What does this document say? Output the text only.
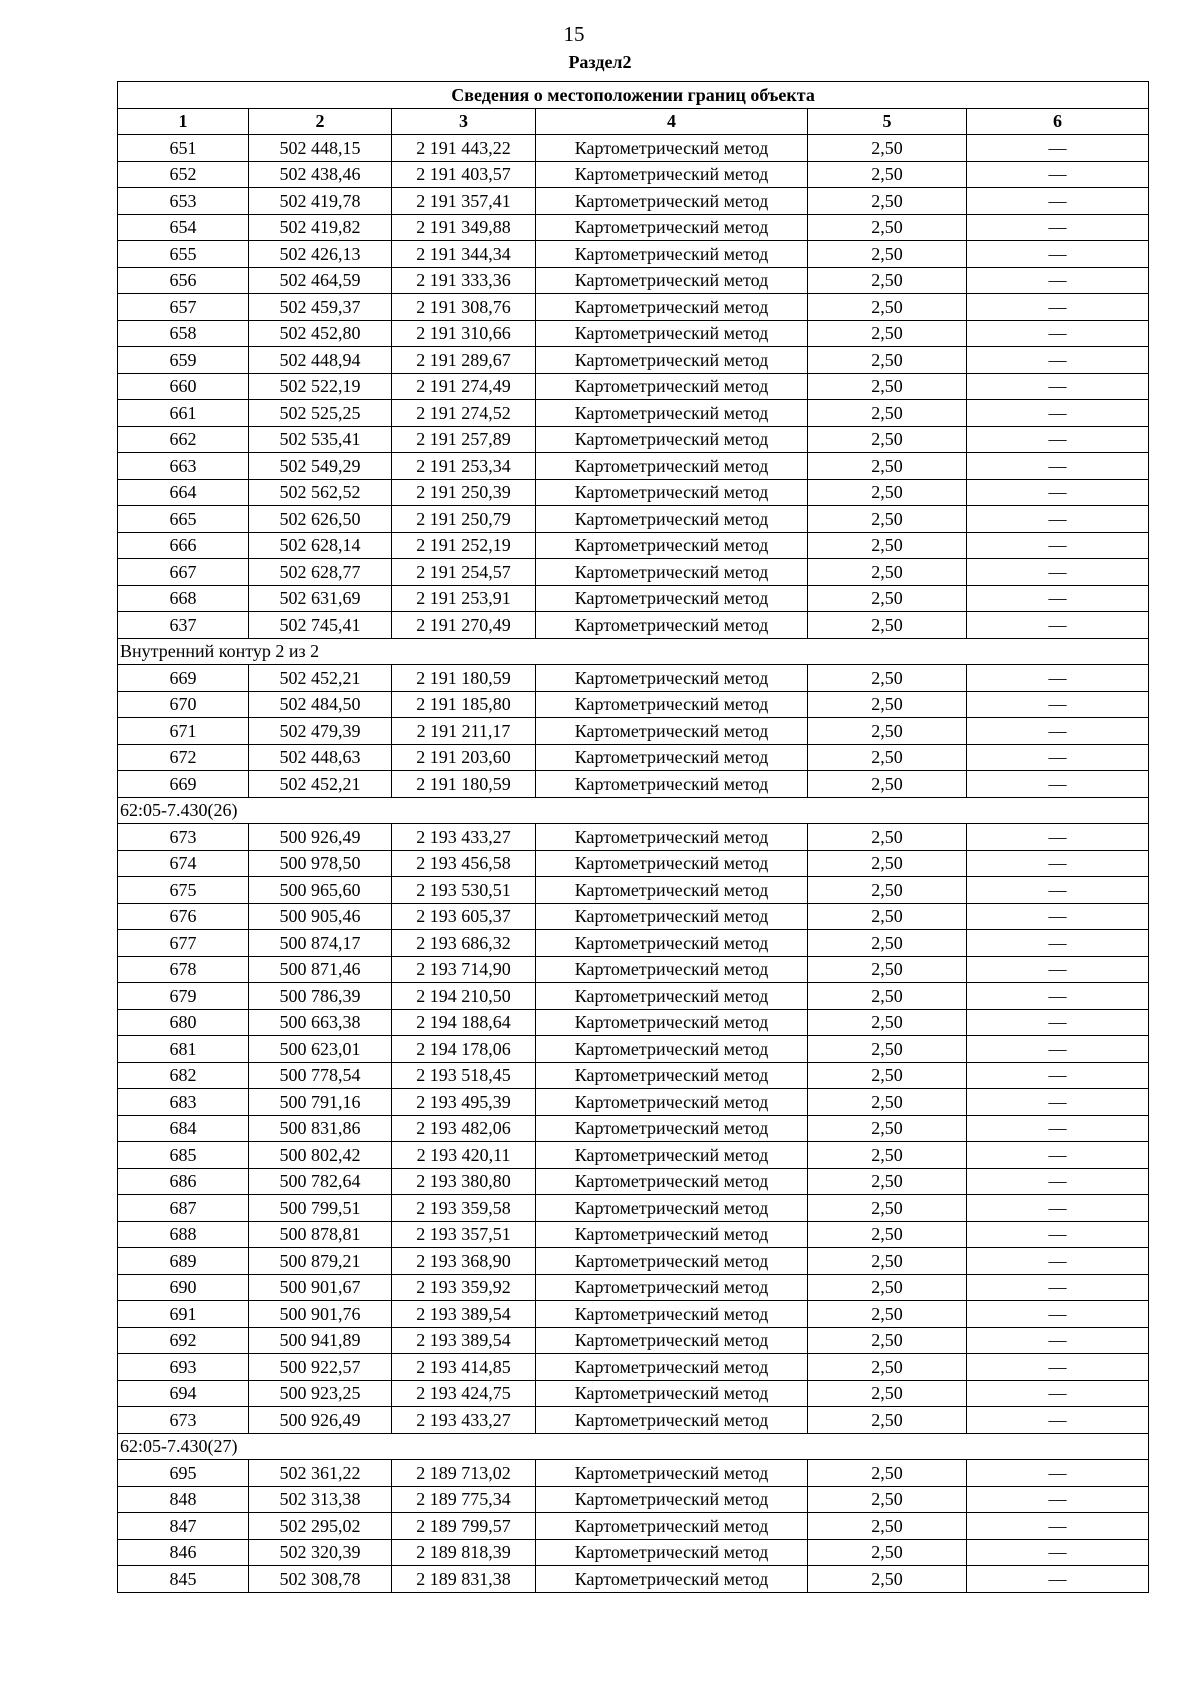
15
Раздел2
Сведения о местоположении границ объекта					
1	2	3	4	5	6
651	502 448,15	2 191 443,22	Картометрический метод	2,50	—
652	502 438,46	2 191 403,57	Картометрический метод	2,50	—
653	502 419,78	2 191 357,41	Картометрический метод	2,50	—
654	502 419,82	2 191 349,88	Картометрический метод	2,50	—
655	502 426,13	2 191 344,34	Картометрический метод	2,50	—
656	502 464,59	2 191 333,36	Картометрический метод	2,50	—
657	502 459,37	2 191 308,76	Картометрический метод	2,50	—
658	502 452,80	2 191 310,66	Картометрический метод	2,50	—
659	502 448,94	2 191 289,67	Картометрический метод	2,50	—
660	502 522,19	2 191 274,49	Картометрический метод	2,50	—
661	502 525,25	2 191 274,52	Картометрический метод	2,50	—
662	502 535,41	2 191 257,89	Картометрический метод	2,50	—
663	502 549,29	2 191 253,34	Картометрический метод	2,50	—
664	502 562,52	2 191 250,39	Картометрический метод	2,50	—
665	502 626,50	2 191 250,79	Картометрический метод	2,50	—
666	502 628,14	2 191 252,19	Картометрический метод	2,50	—
667	502 628,77	2 191 254,57	Картометрический метод	2,50	—
668	502 631,69	2 191 253,91	Картометрический метод	2,50	—
637	502 745,41	2 191 270,49	Картометрический метод	2,50	—
Внутренний контур 2 из 2					
669	502 452,21	2 191 180,59	Картометрический метод	2,50	—
670	502 484,50	2 191 185,80	Картометрический метод	2,50	—
671	502 479,39	2 191 211,17	Картометрический метод	2,50	—
672	502 448,63	2 191 203,60	Картометрический метод	2,50	—
669	502 452,21	2 191 180,59	Картометрический метод	2,50	—
62:05-7.430(26)					
673	500 926,49	2 193 433,27	Картометрический метод	2,50	—
674	500 978,50	2 193 456,58	Картометрический метод	2,50	—
675	500 965,60	2 193 530,51	Картометрический метод	2,50	—
676	500 905,46	2 193 605,37	Картометрический метод	2,50	—
677	500 874,17	2 193 686,32	Картометрический метод	2,50	—
678	500 871,46	2 193 714,90	Картометрический метод	2,50	—
679	500 786,39	2 194 210,50	Картометрический метод	2,50	—
680	500 663,38	2 194 188,64	Картометрический метод	2,50	—
681	500 623,01	2 194 178,06	Картометрический метод	2,50	—
682	500 778,54	2 193 518,45	Картометрический метод	2,50	—
683	500 791,16	2 193 495,39	Картометрический метод	2,50	—
684	500 831,86	2 193 482,06	Картометрический метод	2,50	—
685	500 802,42	2 193 420,11	Картометрический метод	2,50	—
686	500 782,64	2 193 380,80	Картометрический метод	2,50	—
687	500 799,51	2 193 359,58	Картометрический метод	2,50	—
688	500 878,81	2 193 357,51	Картометрический метод	2,50	—
689	500 879,21	2 193 368,90	Картометрический метод	2,50	—
690	500 901,67	2 193 359,92	Картометрический метод	2,50	—
691	500 901,76	2 193 389,54	Картометрический метод	2,50	—
692	500 941,89	2 193 389,54	Картометрический метод	2,50	—
693	500 922,57	2 193 414,85	Картометрический метод	2,50	—
694	500 923,25	2 193 424,75	Картометрический метод	2,50	—
673	500 926,49	2 193 433,27	Картометрический метод	2,50	—
62:05-7.430(27)					
695	502 361,22	2 189 713,02	Картометрический метод	2,50	—
848	502 313,38	2 189 775,34	Картометрический метод	2,50	—
847	502 295,02	2 189 799,57	Картометрический метод	2,50	—
846	502 320,39	2 189 818,39	Картометрический метод	2,50	—
845	502 308,78	2 189 831,38	Картометрический метод	2,50	—
